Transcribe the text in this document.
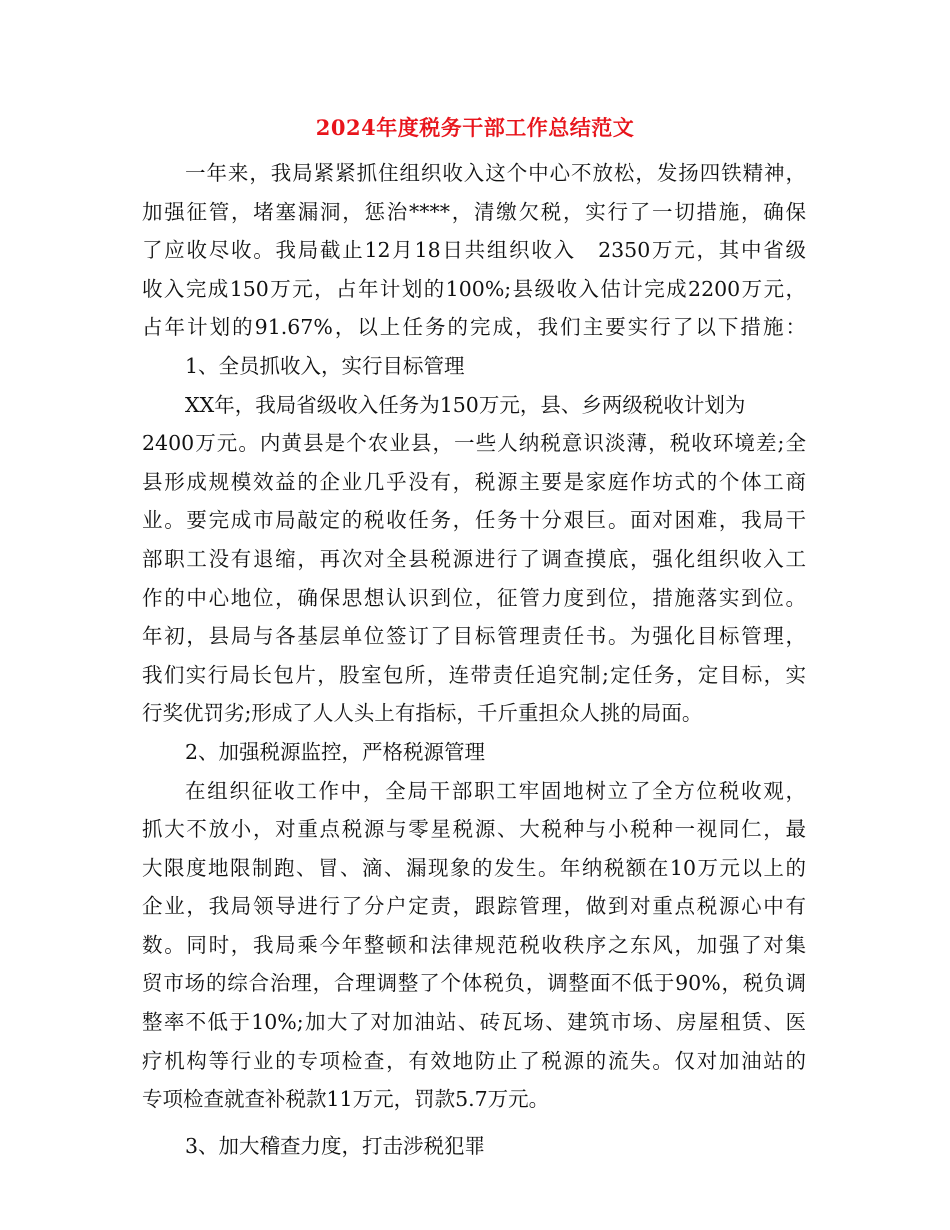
2024年度税务干部工作总结范文
一年来，我局紧紧抓住组织收入这个中心不放松，发扬四铁精神，
加强征管，堵塞漏洞，惩治****，清缴欠税，实行了一切措施，确保
了应收尽收。我局截止12月18日共组织收入　2350万元，其中省级
收入完成150万元，占年计划的100%;县级收入估计完成2200万元，
占年计划的91.67%，以上任务的完成，我们主要实行了以下措施：
1、全员抓收入，实行目标管理
XX年，我局省级收入任务为150万元，县、乡两级税收计划为
2400万元。内黄县是个农业县，一些人纳税意识淡薄，税收环境差;全
县形成规模效益的企业几乎没有，税源主要是家庭作坊式的个体工商
业。要完成市局敲定的税收任务，任务十分艰巨。面对困难，我局干
部职工没有退缩，再次对全县税源进行了调查摸底，强化组织收入工
作的中心地位，确保思想认识到位，征管力度到位，措施落实到位。
年初，县局与各基层单位签订了目标管理责任书。为强化目标管理，
我们实行局长包片，股室包所，连带责任追究制;定任务，定目标，实
行奖优罚劣;形成了人人头上有指标，千斤重担众人挑的局面。
2、加强税源监控，严格税源管理
在组织征收工作中，全局干部职工牢固地树立了全方位税收观，
抓大不放小，对重点税源与零星税源、大税种与小税种一视同仁，最
大限度地限制跑、冒、滴、漏现象的发生。年纳税额在10万元以上的
企业，我局领导进行了分户定责，跟踪管理，做到对重点税源心中有
数。同时，我局乘今年整顿和法律规范税收秩序之东风，加强了对集
贸市场的综合治理，合理调整了个体税负，调整面不低于90%，税负调
整率不低于10%;加大了对加油站、砖瓦场、建筑市场、房屋租赁、医
疗机构等行业的专项检查，有效地防止了税源的流失。仅对加油站的
专项检查就查补税款11万元，罚款5.7万元。
3、加大稽查力度，打击涉税犯罪
